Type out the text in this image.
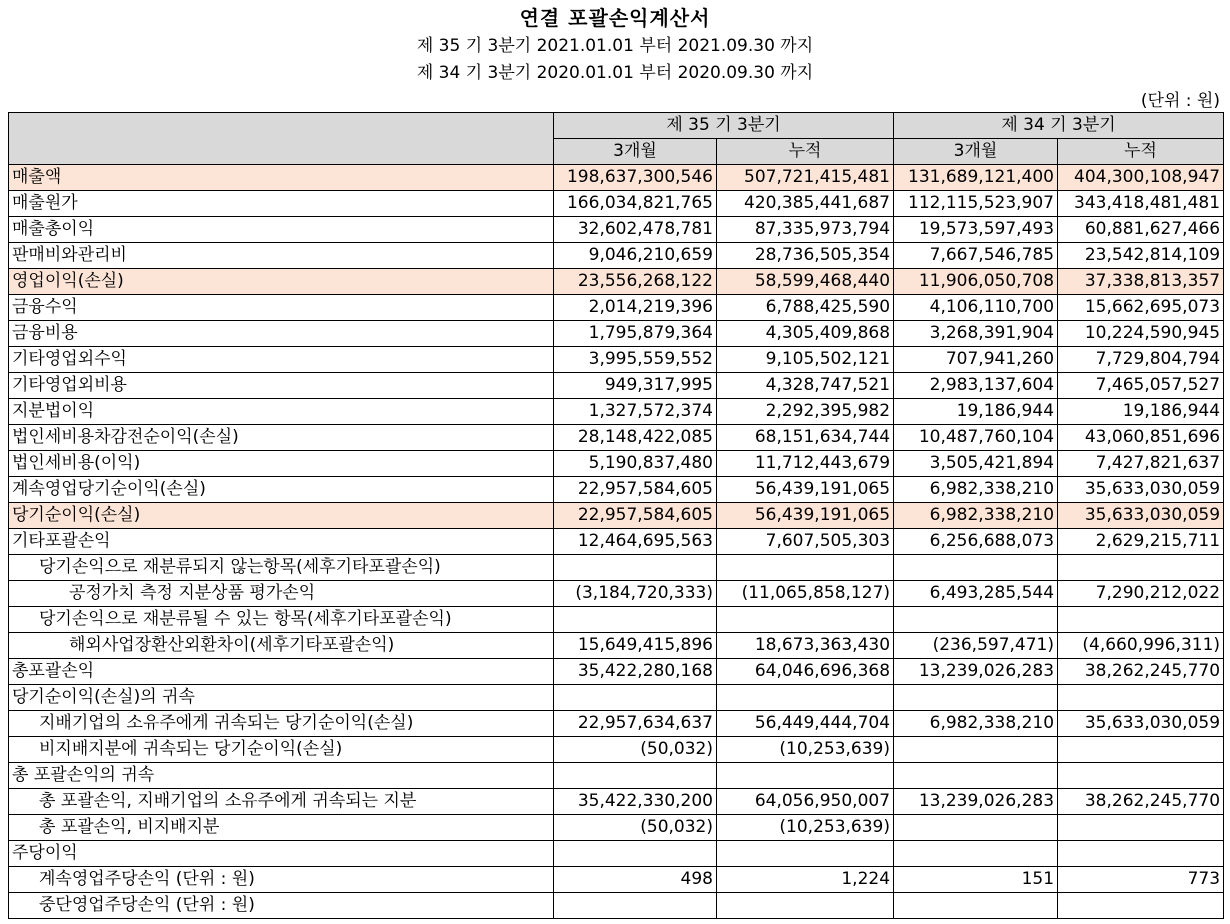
연결 포괄손익계산서
제 35 기 3분기 2021.01.01 부터 2021.09.30 까지
제 34 기 3분기 2020.01.01 부터 2020.09.30 까지
(단위 : 원)
	제 35 기 3분기		제 34 기 3분기	
	3개월	누적	3개월	누적
매출액	198,637,300,546	507,721,415,481	131,689,121,400	404,300,108,947
매출원가	166,034,821,765	420,385,441,687	112,115,523,907	343,418,481,481
매출총이익	32,602,478,781	87,335,973,794	19,573,597,493	60,881,627,466
판매비와관리비	9,046,210,659	28,736,505,354	7,667,546,785	23,542,814,109
영업이익(손실)	23,556,268,122	58,599,468,440	11,906,050,708	37,338,813,357
금융수익	2,014,219,396	6,788,425,590	4,106,110,700	15,662,695,073
금융비용	1,795,879,364	4,305,409,868	3,268,391,904	10,224,590,945
기타영업외수익	3,995,559,552	9,105,502,121	707,941,260	7,729,804,794
기타영업외비용	949,317,995	4,328,747,521	2,983,137,604	7,465,057,527
지분법이익	1,327,572,374	2,292,395,982	19,186,944	19,186,944
법인세비용차감전순이익(손실)	28,148,422,085	68,151,634,744	10,487,760,104	43,060,851,696
법인세비용(이익)	5,190,837,480	11,712,443,679	3,505,421,894	7,427,821,637
계속영업당기순이익(손실)	22,957,584,605	56,439,191,065	6,982,338,210	35,633,030,059
당기순이익(손실)	22,957,584,605	56,439,191,065	6,982,338,210	35,633,030,059
기타포괄손익	12,464,695,563	7,607,505,303	6,256,688,073	2,629,215,711
당기손익으로 재분류되지 않는항목(세후기타포괄손익)				
공정가치 측정 지분상품 평가손익	(3,184,720,333)	(11,065,858,127)	6,493,285,544	7,290,212,022
당기손익으로 재분류될 수 있는 항목(세후기타포괄손익)				
해외사업장환산외환차이(세후기타포괄손익)	15,649,415,896	18,673,363,430	(236,597,471)	(4,660,996,311)
총포괄손익	35,422,280,168	64,046,696,368	13,239,026,283	38,262,245,770
당기순이익(손실)의 귀속				
지배기업의 소유주에게 귀속되는 당기순이익(손실)	22,957,634,637	56,449,444,704	6,982,338,210	35,633,030,059
비지배지분에 귀속되는 당기순이익(손실)	(50,032)	(10,253,639)		
총 포괄손익의 귀속				
총 포괄손익, 지배기업의 소유주에게 귀속되는 지분	35,422,330,200	64,056,950,007	13,239,026,283	38,262,245,770
총 포괄손익, 비지배지분	(50,032)	(10,253,639)		
주당이익				
계속영업주당손익 (단위 : 원)	498	1,224	151	773
중단영업주당손익 (단위 : 원)				
